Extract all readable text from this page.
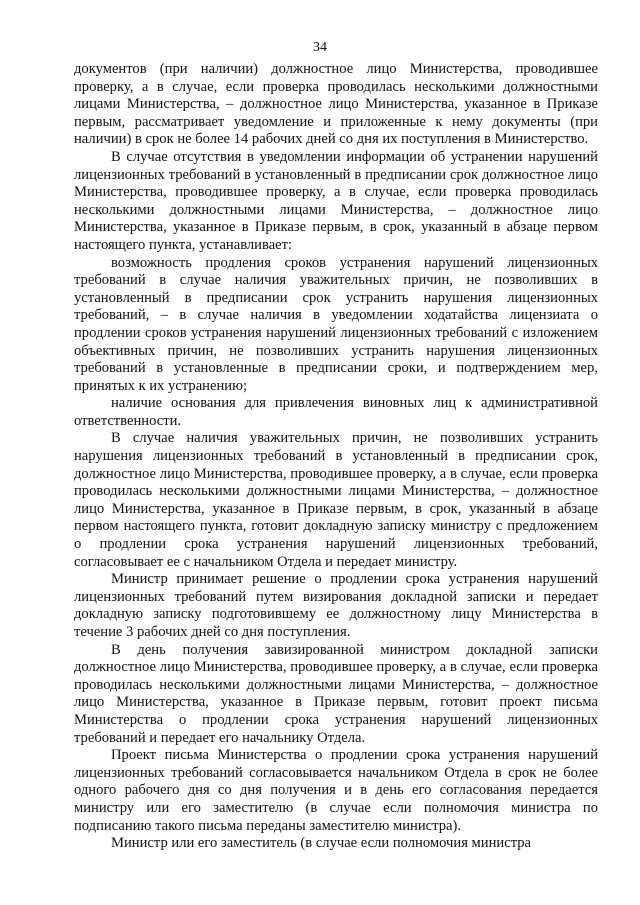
34

документов (при наличии) должностное лицо Министерства, проводившее проверку, а в случае, если проверка проводилась несколькими должностными лицами Министерства, – должностное лицо Министерства, указанное в Приказе первым, рассматривает уведомление и приложенные к нему документы (при наличии) в срок не более 14 рабочих дней со дня их поступления в Министерство.

В случае отсутствия в уведомлении информации об устранении нарушений лицензионных требований в установленный в предписании срок должностное лицо Министерства, проводившее проверку, а в случае, если проверка проводилась несколькими должностными лицами Министерства, – должностное лицо Министерства, указанное в Приказе первым, в срок, указанный в абзаце первом настоящего пункта, устанавливает:

возможность продления сроков устранения нарушений лицензионных требований в случае наличия уважительных причин, не позволивших в установленный в предписании срок устранить нарушения лицензионных требований, – в случае наличия в уведомлении ходатайства лицензиата о продлении сроков устранения нарушений лицензионных требований с изложением объективных причин, не позволивших устранить нарушения лицензионных требований в установленные в предписании сроки, и подтверждением мер, принятых к их устранению;

наличие основания для привлечения виновных лиц к административной ответственности.

В случае наличия уважительных причин, не позволивших устранить нарушения лицензионных требований в установленный в предписании срок, должностное лицо Министерства, проводившее проверку, а в случае, если проверка проводилась несколькими должностными лицами Министерства, – должностное лицо Министерства, указанное в Приказе первым, в срок, указанный в абзаце первом настоящего пункта, готовит докладную записку министру с предложением о продлении срока устранения нарушений лицензионных требований, согласовывает ее с начальником Отдела и передает министру.

Министр принимает решение о продлении срока устранения нарушений лицензионных требований путем визирования докладной записки и передает докладную записку подготовившему ее должностному лицу Министерства в течение 3 рабочих дней со дня поступления.

В день получения завизированной министром докладной записки должностное лицо Министерства, проводившее проверку, а в случае, если проверка проводилась несколькими должностными лицами Министерства, – должностное лицо Министерства, указанное в Приказе первым, готовит проект письма Министерства о продлении срока устранения нарушений лицензионных требований и передает его начальнику Отдела.

Проект письма Министерства о продлении срока устранения нарушений лицензионных требований согласовывается начальником Отдела в срок не более одного рабочего дня со дня получения и в день его согласования передается министру или его заместителю (в случае если полномочия министра по подписанию такого письма переданы заместителю министра).

Министр или его заместитель (в случае если полномочия министра
